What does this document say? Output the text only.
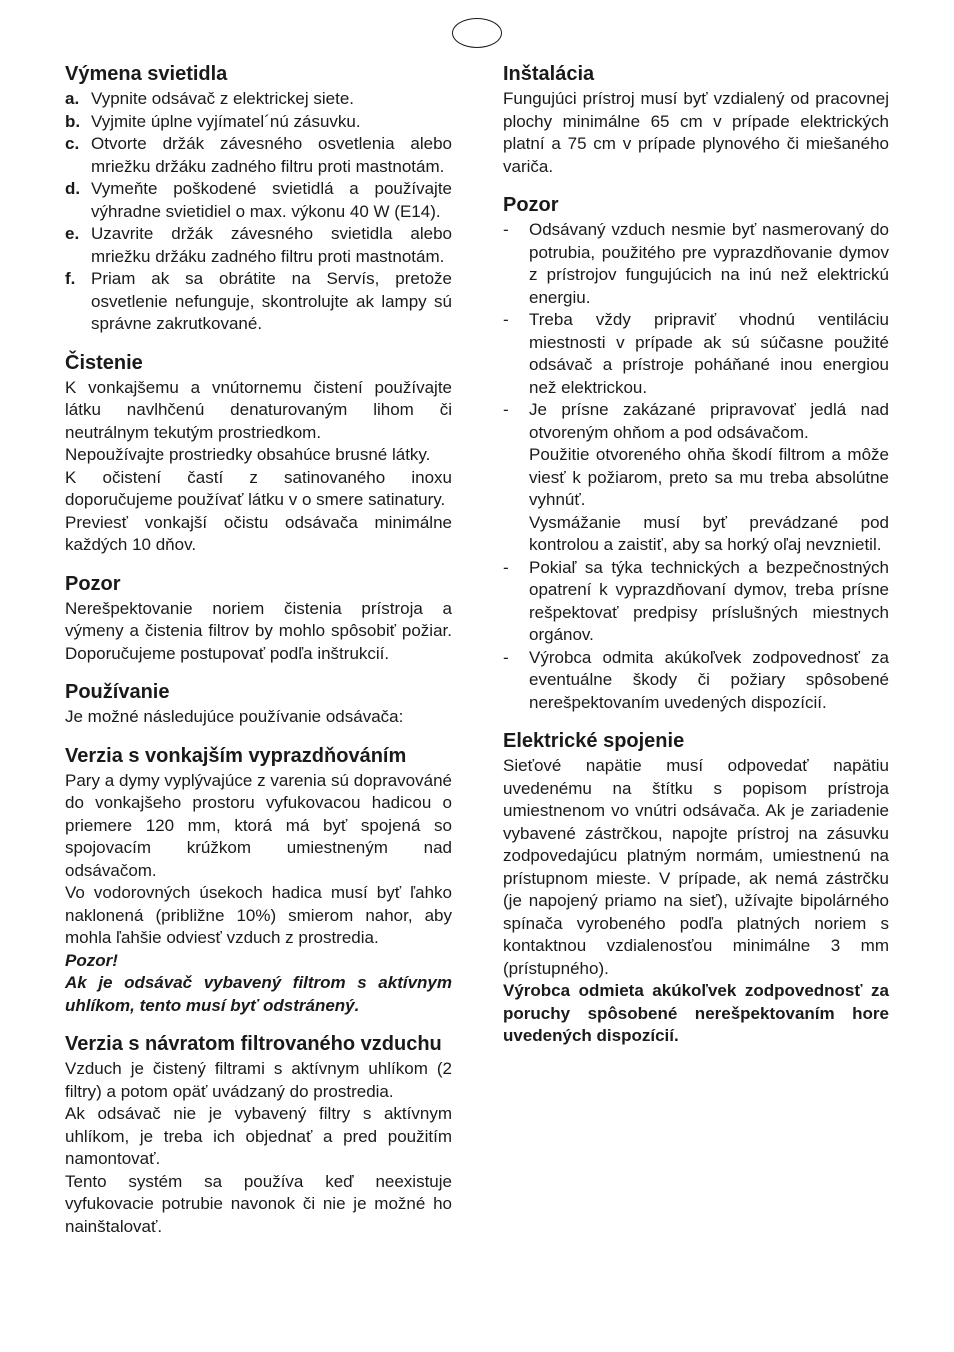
Výmena svietidla
a. Vypnite odsávač z elektrickej siete.
b. Vyjmite úplne vyjímatel´nú zásuvku.
c. Otvorte držák závesného osvetlenia alebo mriežku držáku zadného filtru proti mastnotám.
d. Vymeňte poškodené svietidlá a používajte výhradne svietidiel o max. výkonu 40 W (E14).
e. Uzavrite držák závesného svietidla alebo mriežku držáku zadného filtru proti mastnotám.
f. Priam ak sa obrátite na Servís, pretože osvetlenie nefunguje, skontrolujte ak lampy sú správne zakrutkované.
Čistenie

K vonkajšemu a vnútornemu čistení používajte látku navlhčenú denaturovaným lihom či neutrálnym tekutým prostriedkom.

Nepoužívajte prostriedky obsahúce brusné látky.

K očistení častí z satinovaného inoxu doporučujeme používať látku v o smere satinatury.

Previesť vonkajší očistu odsávača minimálne každých 10 dňov.

Pozor

Nerešpektovanie noriem čistenia prístroja a výmeny a čistenia filtrov by mohlo spôsobiť požiar. Doporučujeme postupovať podľa inštrukcií.

Používanie

Je možné následujúce používanie odsávača:

Verzia s vonkajším vyprazdňováním

Pary a dymy vyplývajúce z varenia sú dopravováné do vonkajšeho prostoru vyfukovacou hadicou o priemere 120 mm, ktorá má byť spojená so spojovacím krúžkom umiestneným nad odsávačom.

Vo vodorovných úsekoch hadica musí byť ľahko naklonená (približne 10%) smierom nahor, aby mohla ľahšie odviesť vzduch z prostredia.

Pozor!

Ak je odsávač vybavený filtrom s aktívnym uhlíkom, tento musí byť odstránený.

Verzia s návratom filtrovaného vzduchu

Vzduch je čistený filtrami s aktívnym uhlíkom (2 filtry) a potom opäť uvádzaný do prostredia.

Ak odsávač nie je vybavený filtry s aktívnym uhlíkom, je treba ich objednať a pred použitím namontovať.

Tento systém sa používa keď neexistuje vyfukovacie potrubie navonok či nie je možné ho nainštalovať.

Inštalácia

Fungujúci prístroj musí byť vzdialený od pracovnej plochy minimálne 65 cm v prípade elektrických platní a 75 cm v prípade plynového či miešaného variča.

Pozor
- Odsávaný vzduch nesmie byť nasmerovaný do potrubia, použitého pre vyprazdňovanie dymov z prístrojov fungujúcich na inú než elektrickú energiu.
- Treba vždy pripraviť vhodnú ventiláciu miestnosti v prípade ak sú súčasne použité odsávač a prístroje poháňané inou energiou než elektrickou.
- Je prísne zakázané pripravovať jedlá nad otvoreným ohňom a pod odsávačom.
Použitie otvoreného ohňa škodí filtrom a môže viesť k požiarom, preto sa mu treba absolútne vyhnúť.
Vysmážanie musí byť prevádzané pod kontrolou a zaistiť, aby sa horký oľaj nevznietil.
- Pokiaľ sa týka technických a bezpečnostných opatrení k vyprazdňovaní dymov, treba prísne rešpektovať predpisy príslušných miestnych orgánov.
- Výrobca odmita akúkoľvek zodpovednosť za eventuálne škody či požiary spôsobené nerešpektovaním uvedených dispozícií.
Elektrické spojenie

Sieťové napätie musí odpovedať napätiu uvedenému na štítku s popisom prístroja umiestnenom vo vnútri odsávača. Ak je zariadenie vybavené zástrčkou, napojte prístroj na zásuvku zodpovedajúcu platným normám, umiestnenú na prístupnom mieste. V prípade, ak nemá zástrčku (je napojený priamo na sieť), užívajte bipolárného spínača vyrobeného podľa platných noriem s kontaktnou vzdialenosťou minimálne 3 mm (prístupného).

Výrobca odmieta akúkoľvek zodpovednosť za poruchy spôsobené nerešpektovaním hore uvedených dispozícií.
